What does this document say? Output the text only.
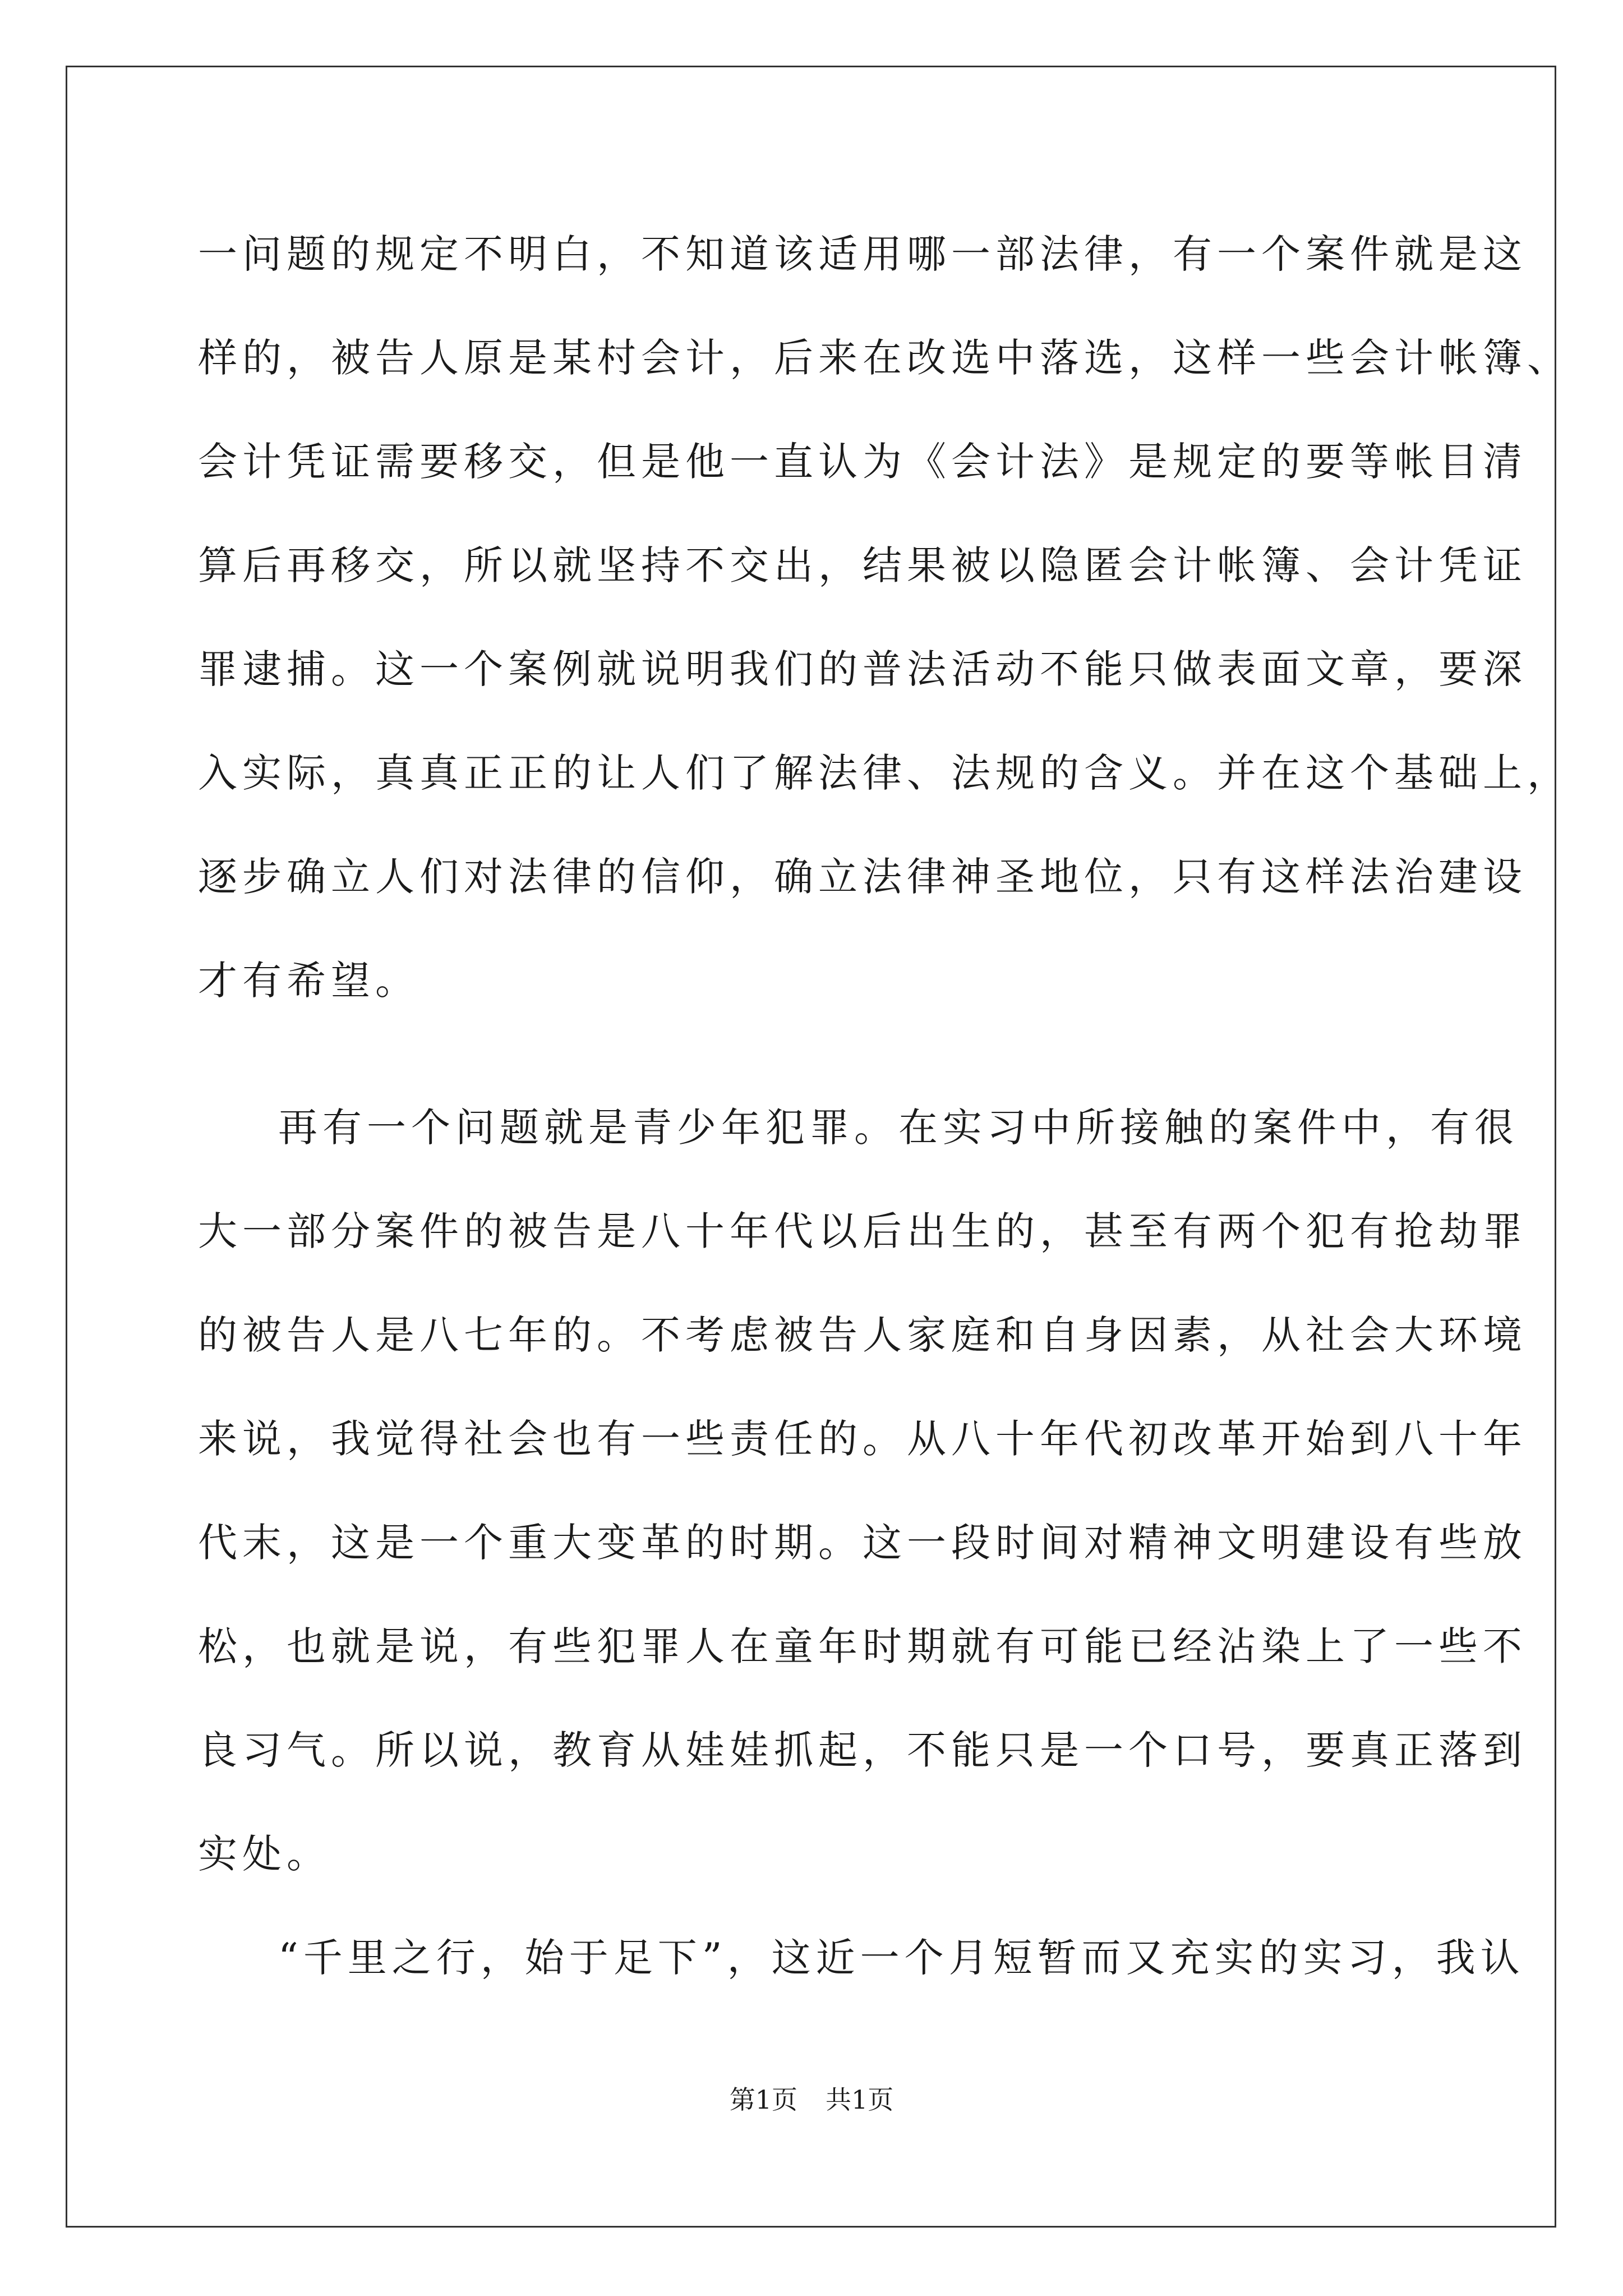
一问题的规定不明白，不知道该适用哪一部法律，有一个案件就是这
样的，被告人原是某村会计，后来在改选中落选，这样一些会计帐簿、
会计凭证需要移交，但是他一直认为《会计法》是规定的要等帐目清
算后再移交，所以就坚持不交出，结果被以隐匿会计帐簿、会计凭证
罪逮捕。这一个案例就说明我们的普法活动不能只做表面文章，要深
入实际，真真正正的让人们了解法律、法规的含义。并在这个基础上，
逐步确立人们对法律的信仰，确立法律神圣地位，只有这样法治建设
才有希望。
再有一个问题就是青少年犯罪。在实习中所接触的案件中，有很
大一部分案件的被告是八十年代以后出生的，甚至有两个犯有抢劫罪
的被告人是八七年的。不考虑被告人家庭和自身因素，从社会大环境
来说，我觉得社会也有一些责任的。从八十年代初改革开始到八十年
代末，这是一个重大变革的时期。这一段时间对精神文明建设有些放
松，也就是说，有些犯罪人在童年时期就有可能已经沾染上了一些不
良习气。所以说，教育从娃娃抓起，不能只是一个口号，要真正落到
实处。
“千里之行，始于足下”，这近一个月短暂而又充实的实习，我认
第1页 共1页
